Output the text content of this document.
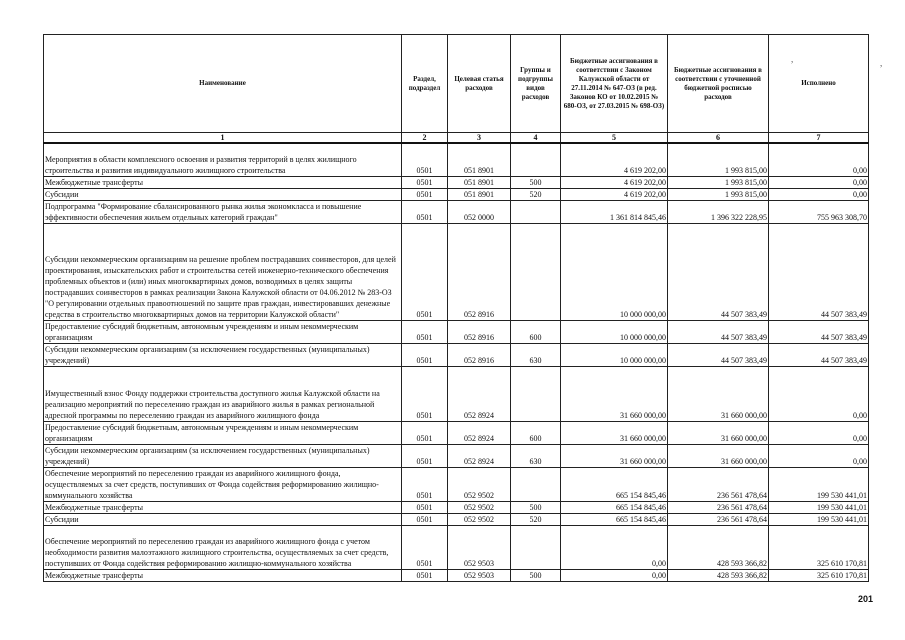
Наименование	Раздел, подраздел	Целевая статья расходов	Группы и подгруппы видов расходов	Бюджетные ассигнования в соответствии с Законом Калужской области от 27.11.2014 № 647-ОЗ (в ред. Законов КО от 10.02.2015 № 680-ОЗ, от 27.03.2015 № 698-ОЗ)	Бюджетные ассигнования в соответствии с уточненной бюджетной росписью расходов	Исполнено
1	2	3	4	5	6	7
Мероприятия в области комплексного освоения и развития территорий в целях жилищного строительства и развития индивидуального жилищного строительства	0501	051 8901		4 619 202,00	1 993 815,00	0,00
Межбюджетные трансферты	0501	051 8901	500	4 619 202,00	1 993 815,00	0,00
Субсидии	0501	051 8901	520	4 619 202,00	1 993 815,00	0,00
Подпрограмма "Формирование сбалансированного рынка жилья экономкласса и повышение эффективности обеспечения жильем отдельных категорий граждан"	0501	052 0000		1 361 814 845,46	1 396 322 228,95	755 963 308,70
Субсидии некоммерческим организациям на решение проблем пострадавших соинвесторов, для целей проектирования, изыскательских работ и строительства сетей инженерно-технического обеспечения проблемных объектов и (или) иных многоквартирных домов, возводимых в целях защиты пострадавших соинвесторов в рамках реализации Закона Калужской области от 04.06.2012 № 283-ОЗ "О регулировании отдельных правоотношений по защите прав граждан, инвестировавших денежные средства в строительство многоквартирных домов на территории Калужской области"	0501	052 8916		10 000 000,00	44 507 383,49	44 507 383,49
Предоставление субсидий бюджетным, автономным учреждениям и иным некоммерческим организациям	0501	052 8916	600	10 000 000,00	44 507 383,49	44 507 383,49
Субсидии некоммерческим организациям (за исключением государственных (муниципальных) учреждений)	0501	052 8916	630	10 000 000,00	44 507 383,49	44 507 383,49
Имущественный взнос Фонду поддержки строительства доступного жилья Калужской области на реализацию мероприятий по переселению граждан из аварийного жилья в рамках региональной адресной программы по переселению граждан из аварийного жилищного фонда	0501	052 8924		31 660 000,00	31 660 000,00	0,00
Предоставление субсидий бюджетным, автономным учреждениям и иным некоммерческим организациям	0501	052 8924	600	31 660 000,00	31 660 000,00	0,00
Субсидии некоммерческим организациям (за исключением государственных (муниципальных) учреждений)	0501	052 8924	630	31 660 000,00	31 660 000,00	0,00
Обеспечение мероприятий по переселению граждан из аварийного жилищного фонда, осуществляемых за счет средств, поступивших от Фонда содействия реформированию жилищно-коммунального хозяйства	0501	052 9502		665 154 845,46	236 561 478,64	199 530 441,01
Межбюджетные трансферты	0501	052 9502	500	665 154 845,46	236 561 478,64	199 530 441,01
Субсидии	0501	052 9502	520	665 154 845,46	236 561 478,64	199 530 441,01
Обеспечение мероприятий по переселению граждан из аварийного жилищного фонда с учетом необходимости развития малоэтажного жилищного строительства, осуществляемых за счет средств, поступивших от Фонда содействия реформированию жилищно-коммунального хозяйства	0501	052 9503		0,00	428 593 366,82	325 610 170,81
Межбюджетные трансферты	0501	052 9503	500	0,00	428 593 366,82	325 610 170,81
,	,
201
